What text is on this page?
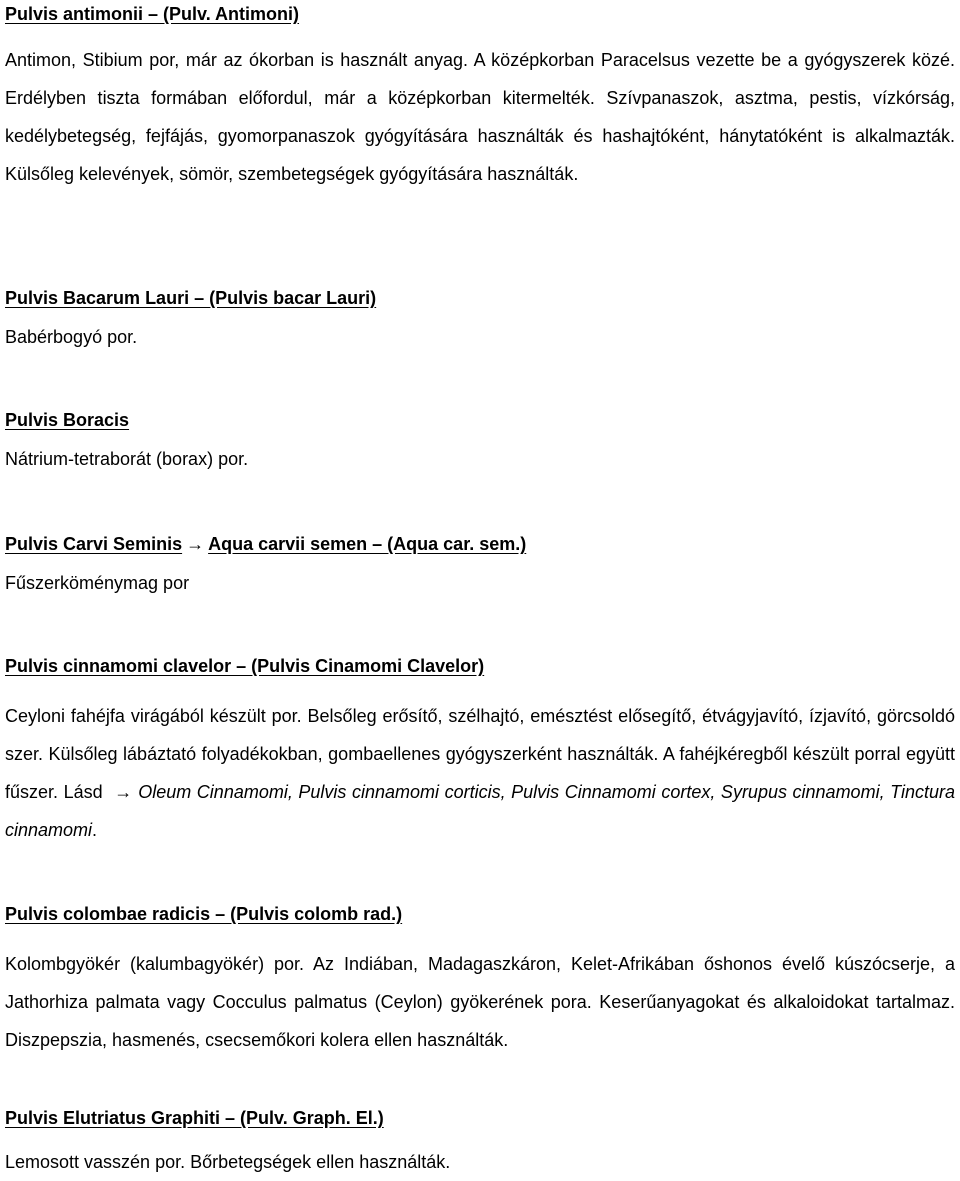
Pulvis antimonii – (Pulv. Antimoni)
Antimon, Stibium por, már az ókorban is használt anyag. A középkorban Paracelsus vezette be a gyógyszerek közé. Erdélyben tiszta formában előfordul, már a középkorban kitermelték. Szívpanaszok, asztma, pestis, vízkórság, kedélybetegség, fejfájás, gyomorpanaszok gyógyítására használták és hashajtóként, hánytatóként is alkalmazták. Külsőleg kelevények, sömör, szembetegségek gyógyítására használták.
Pulvis Bacarum Lauri – (Pulvis bacar Lauri)
Babérbogyó por.
Pulvis Boracis
Nátrium-tetraborát (borax) por.
Pulvis Carvi Seminis → Aqua carvii semen – (Aqua car. sem.)
Fűszerköménymag por
Pulvis cinnamomi clavelor – (Pulvis Cinamomi Clavelor)
Ceyloni fahéjfa virágából készült por. Belsőleg erősítő, szélhajtó, emésztést elősegítő, étvágyjavító, ízjavító, görcsoldó szer. Külsőleg lábáztató folyadékokban, gombaellenes gyógyszerként használták. A fahéjkéregből készült porral együtt fűszer. Lásd → Oleum Cinnamomi, Pulvis cinnamomi corticis, Pulvis Cinnamomi cortex, Syrupus cinnamomi, Tinctura cinnamomi.
Pulvis colombae radicis – (Pulvis colomb rad.)
Kolombgyökér (kalumbagyökér) por. Az Indiában, Madagaszkáron, Kelet-Afrikában őshonos évelő kúszócserje, a Jathorhiza palmata vagy Cocculus palmatus (Ceylon) gyökerének pora. Keserűanyagokat és alkaloidokat tartalmaz. Diszpepszia, hasmenés, csecsemőkori kolera ellen használták.
Pulvis Elutriatus Graphiti – (Pulv. Graph. El.)
Lemosott vasszén por. Bőrbetegségek ellen használták.
